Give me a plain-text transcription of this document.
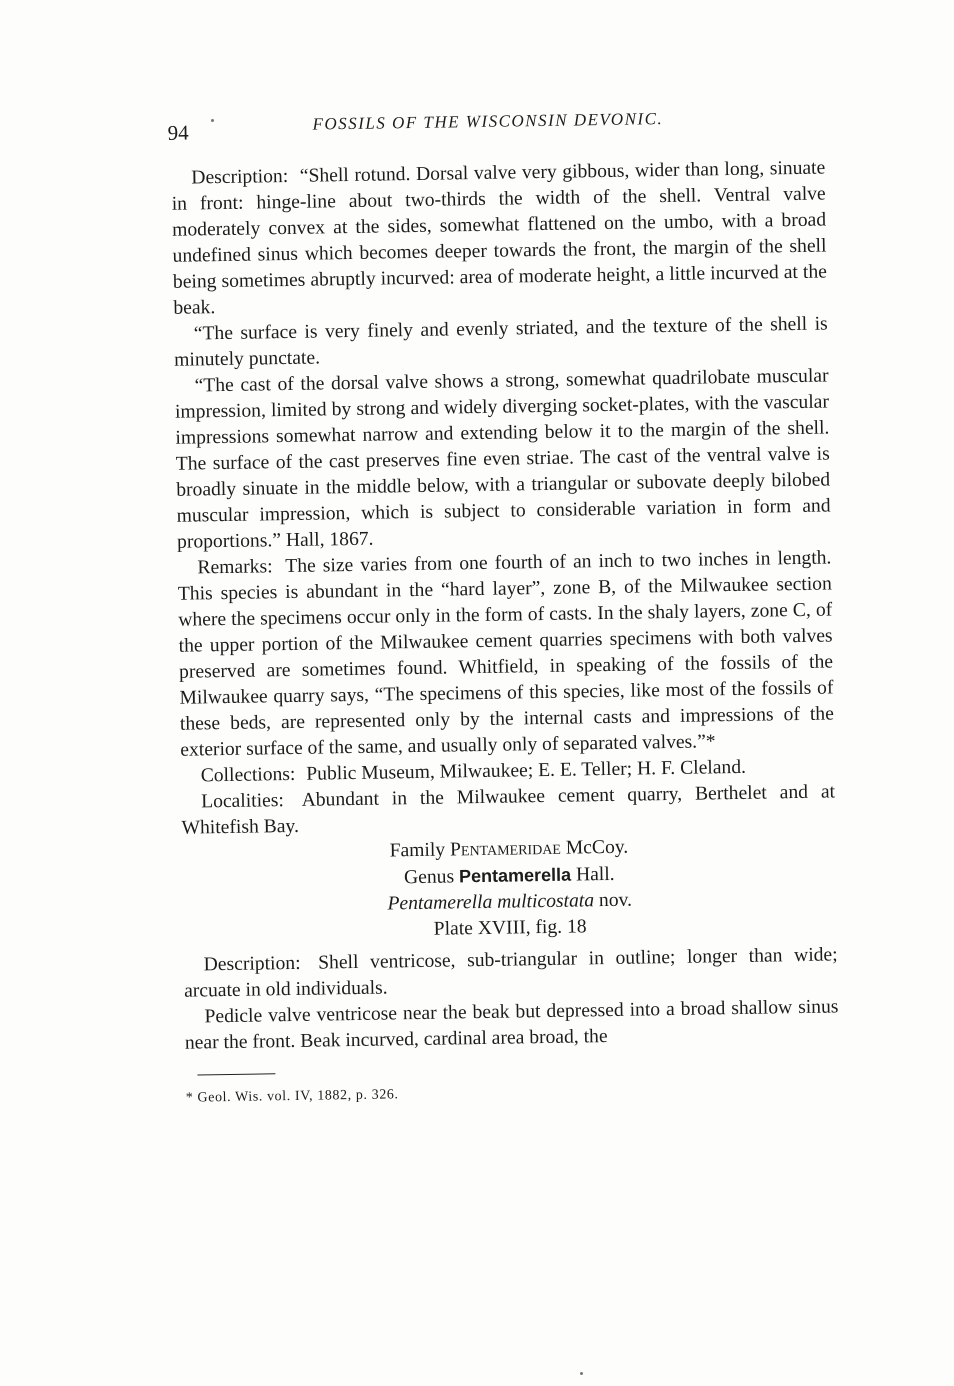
94	FOSSILS OF THE WISCONSIN DEVONIC.

Description: “Shell rotund. Dorsal valve very gibbous, wider than long, sinuate in front: hinge-line about two-thirds the width of the shell. Ventral valve moderately convex at the sides, somewhat flattened on the umbo, with a broad undefined sinus which becomes deeper towards the front, the margin of the shell being sometimes abruptly incurved: area of moderate height, a little incurved at the beak.

“The surface is very finely and evenly striated, and the texture of the shell is minutely punctate.

“The cast of the dorsal valve shows a strong, somewhat quadrilobate muscular impression, limited by strong and widely diverging socket-plates, with the vascular impressions somewhat narrow and extending below it to the margin of the shell. The surface of the cast preserves fine even striae. The cast of the ventral valve is broadly sinuate in the middle below, with a triangular or subovate deeply bilobed muscular impression, which is subject to considerable variation in form and proportions.” Hall, 1867.

Remarks: The size varies from one fourth of an inch to two inches in length. This species is abundant in the “hard layer”, zone B, of the Milwaukee section where the specimens occur only in the form of casts. In the shaly layers, zone C, of the upper portion of the Milwaukee cement quarries specimens with both valves preserved are sometimes found. Whitfield, in speaking of the fossils of the Milwaukee quarry says, “The specimens of this species, like most of the fossils of these beds, are represented only by the internal casts and impressions of the exterior surface of the same, and usually only of separated valves.”*

Collections: Public Museum, Milwaukee; E. E. Teller; H. F. Cleland.

Localities: Abundant in the Milwaukee cement quarry, Berthelet and at Whitefish Bay.

Family Pentameridae McCoy.

Genus Pentamerella Hall.

Pentamerella multicostata nov.

Plate XVIII, fig. 18

Description: Shell ventricose, sub-triangular in outline; longer than wide; arcuate in old individuals.

Pedicle valve ventricose near the beak but depressed into a broad shallow sinus near the front. Beak incurved, cardinal area broad, the

* Geol. Wis. vol. IV, 1882, p. 326.
